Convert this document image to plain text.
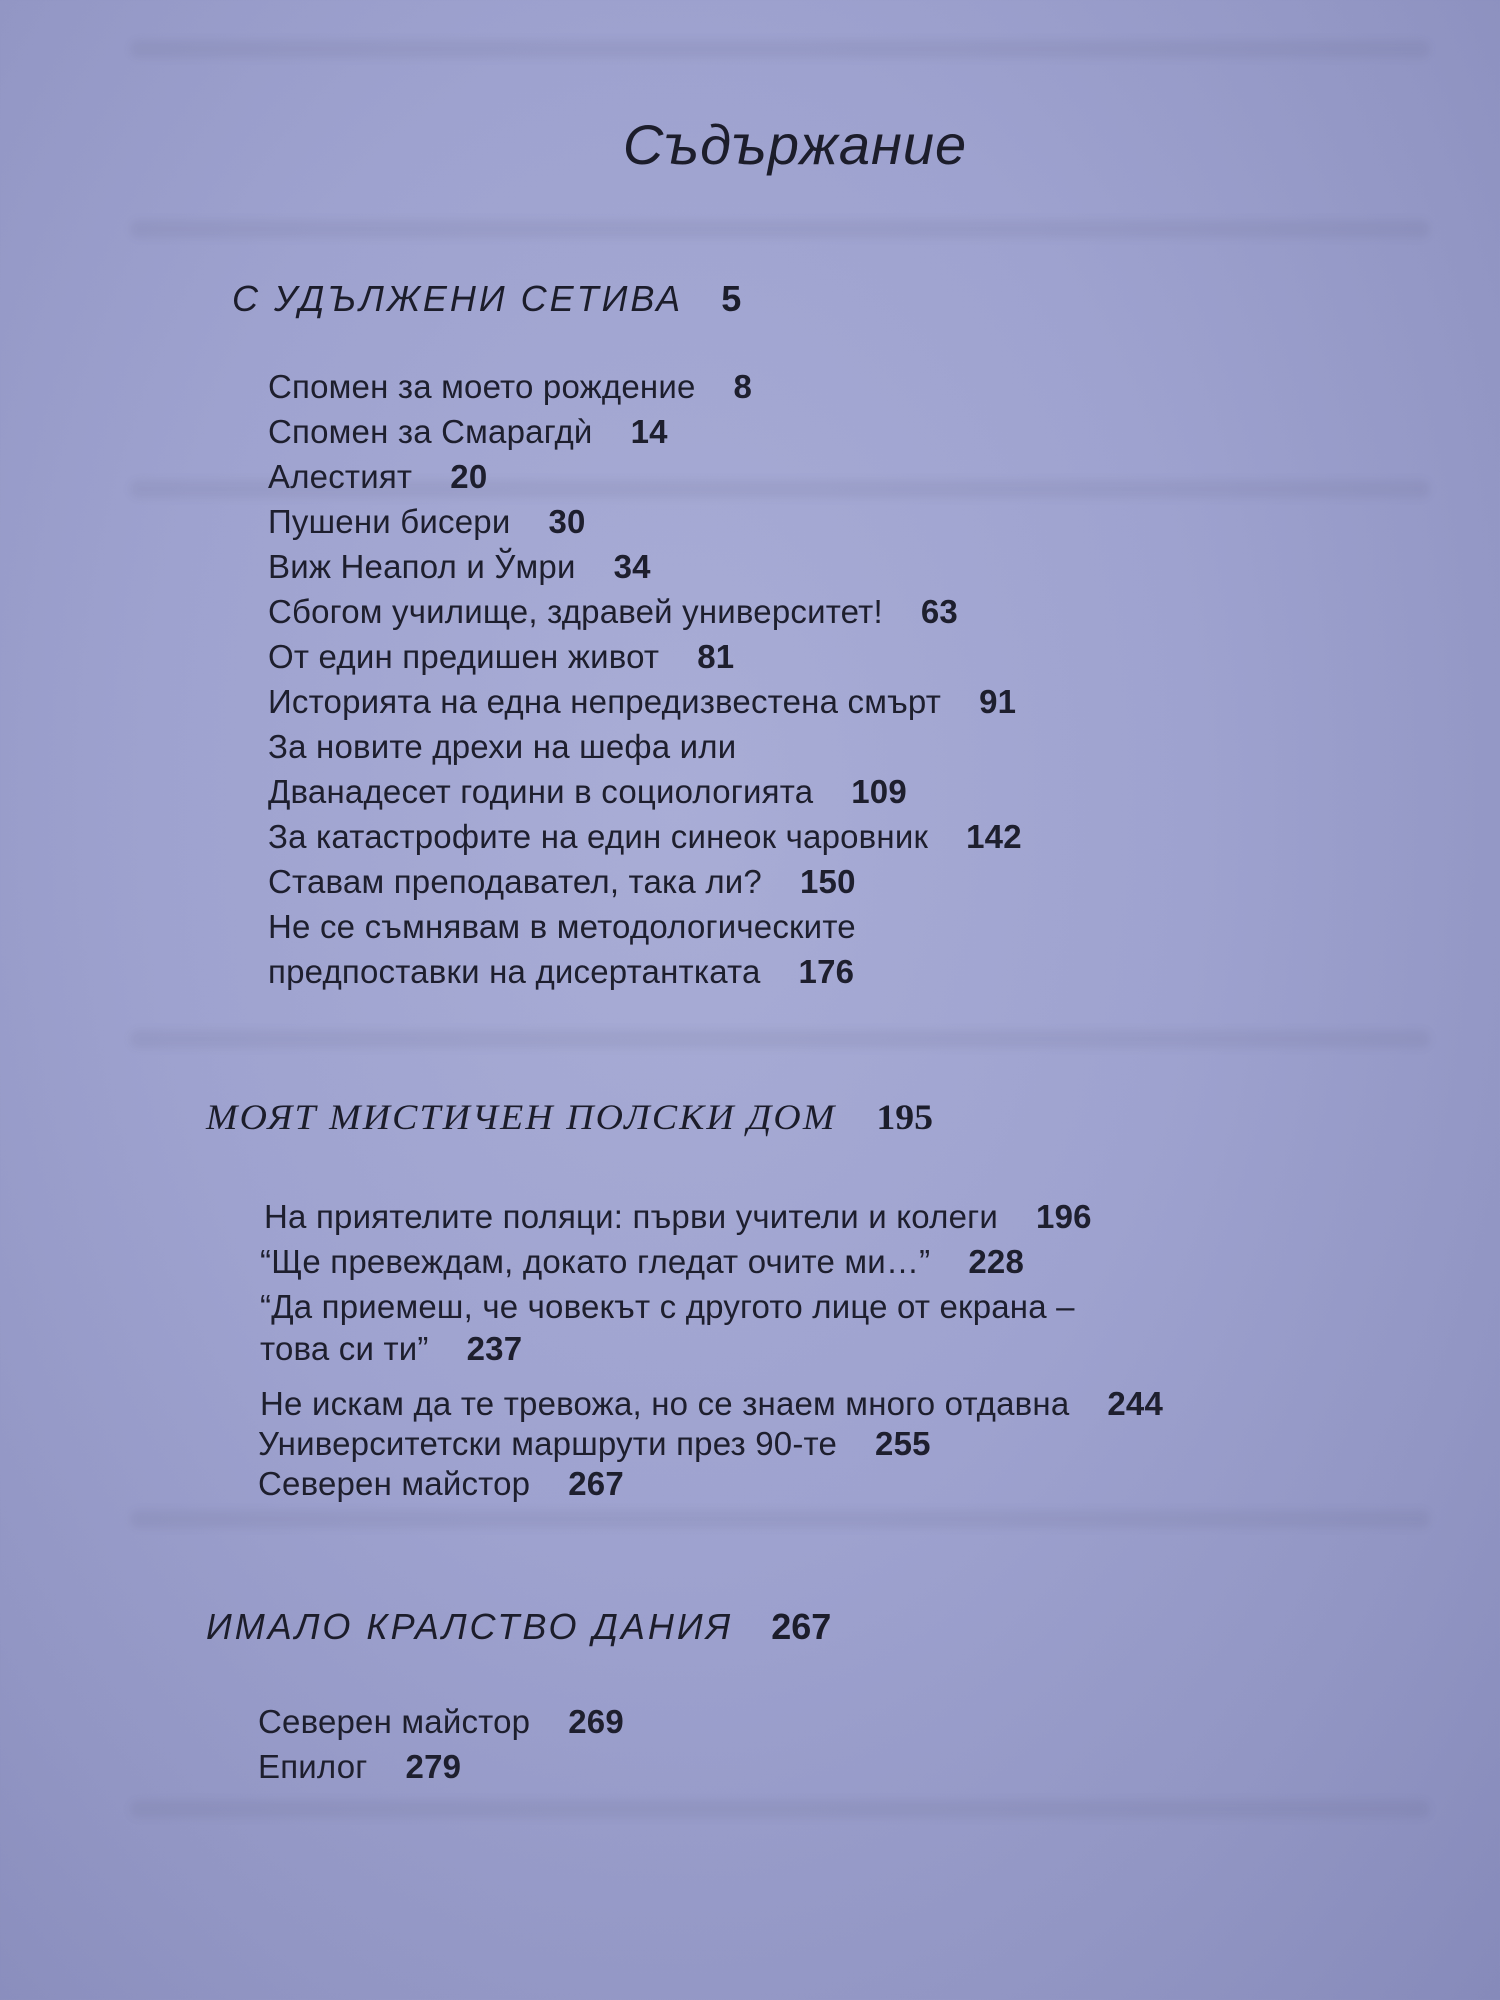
Съдържание
С УДЪЛЖЕНИ СЕТИВА 5
Спомен за моето рождение 8
Спомен за Смарагдѝ 14
Алестият 20
Пушени бисери 30
Виж Неапол и Ўмри 34
Сбогом училище, здравей университет! 63
От един предишен живот 81
Историята на една непредизвестена смърт 91
За новите дрехи на шефа или
Дванадесет години в социологията 109
За катастрофите на един синеок чаровник 142
Ставам преподавател, така ли? 150
Не се съмнявам в методологическите
предпоставки на дисертантката 176
МОЯТ МИСТИЧЕН ПОЛСКИ ДОМ 195
На приятелите поляци: първи учители и колеги 196
“Ще превеждам, докато гледат очите ми…” 228
“Да приемеш, че човекът с другото лице от екрана –
това си ти” 237
Не искам да те тревожа, но се знаем много отдавна 244
Университетски маршрути през 90-те 255
Северен майстор 267
ИМАЛО КРАЛСТВО ДАНИЯ 267
Северен майстор 269
Епилог 279
